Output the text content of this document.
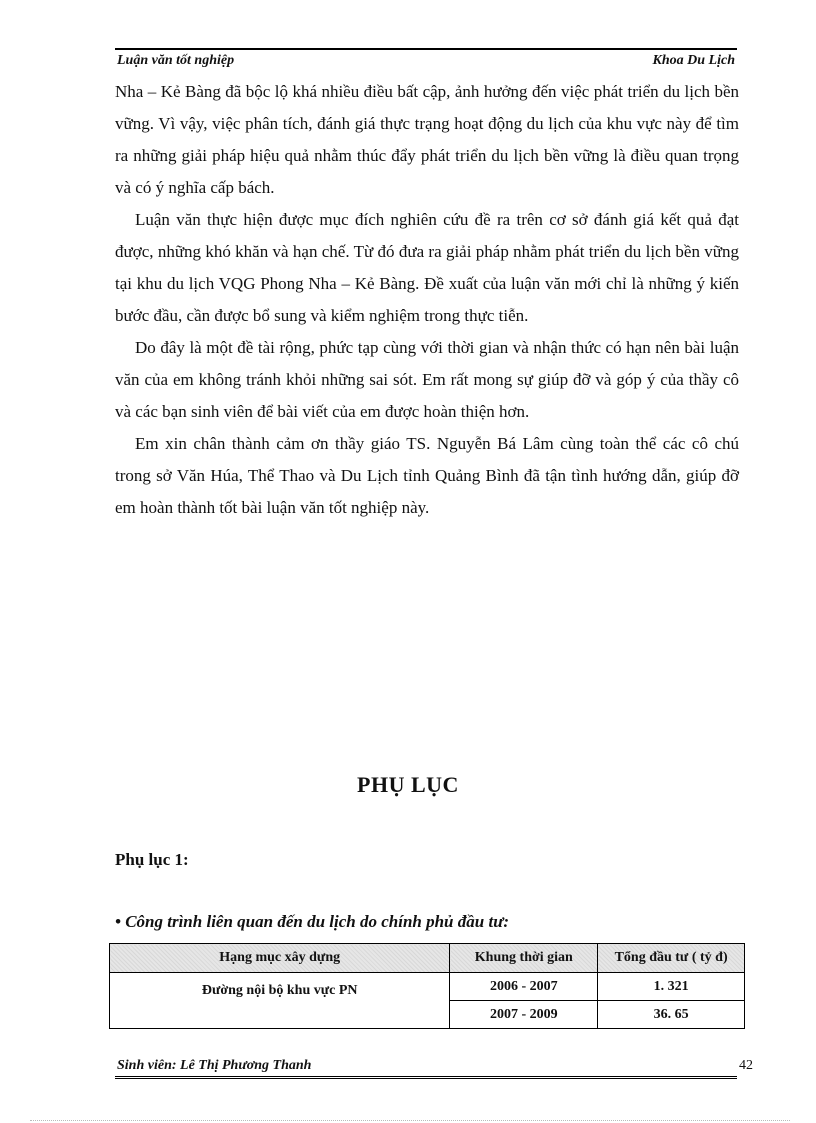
Luận văn tốt nghiệp	Khoa Du Lịch

Nha – Kẻ Bàng đã bộc lộ khá nhiều điều bất cập, ảnh hưởng đến việc phát triển du lịch bền vững. Vì vậy, việc phân tích, đánh giá thực trạng hoạt động du lịch của khu vực này để tìm ra những giải pháp hiệu quả nhằm thúc đẩy phát triển du lịch bền vững là điều quan trọng và có ý nghĩa cấp bách.

Luận văn thực hiện được mục đích nghiên cứu đề ra trên cơ sở đánh giá kết quả đạt được, những khó khăn và hạn chế. Từ đó đưa ra giải pháp nhằm phát triển du lịch bền vững tại khu du lịch VQG Phong Nha – Kẻ Bàng. Đề xuất của luận văn mới chỉ là những ý kiến bước đầu, cần được bổ sung và kiểm nghiệm trong thực tiễn.

Do đây là một đề tài rộng, phức tạp cùng với thời gian và nhận thức có hạn nên bài luận văn của em không tránh khỏi những sai sót. Em rất mong sự giúp đỡ và góp ý của thầy cô và các bạn sinh viên để bài viết của em được hoàn thiện hơn.

Em xin chân thành cảm ơn thầy giáo TS. Nguyễn Bá Lâm cùng toàn thể các cô chú trong sở Văn Húa, Thể Thao và Du Lịch tỉnh Quảng Bình đã tận tình hướng dẫn, giúp đỡ em hoàn thành tốt bài luận văn tốt nghiệp này.

PHỤ LỤC
Phụ lục 1:
• Công trình liên quan đến du lịch do chính phủ đầu tư:
Hạng mục xây dựng	Khung thời gian	Tổng đầu tư ( tỷ đ)
Đường nội bộ khu vực PN	2006 - 2007	1. 321
	2007 - 2009	36. 65
Sinh viên: Lê Thị Phương Thanh	42
